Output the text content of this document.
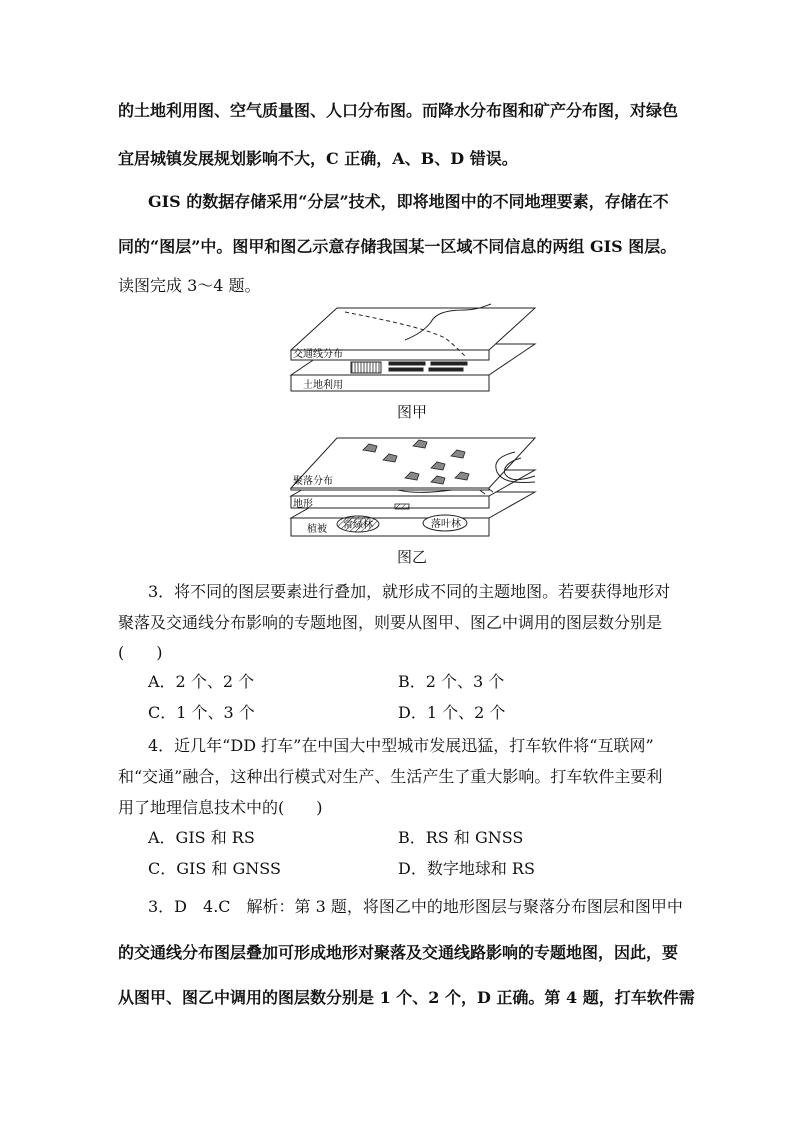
的土地利用图、空气质量图、人口分布图。而降水分布图和矿产分布图，对绿色
宜居城镇发展规划影响不大，C 正确，A、B、D 错误。
GIS 的数据存储采用“分层”技术，即将地图中的不同地理要素，存储在不
同的“图层”中。图甲和图乙示意存储我国某一区域不同信息的两组 GIS 图层。
读图完成 3～4 题。
交通线分布
土地利用
图甲
聚落分布
地形
植被 常绿林	落叶林
图乙
3．将不同的图层要素进行叠加，就形成不同的主题地图。若要获得地形对
聚落及交通线分布影响的专题地图，则要从图甲、图乙中调用的图层数分别是
(　　)
A．2 个、2 个	B．2 个、3 个
C．1 个、3 个	D．1 个、2 个
4．近几年“DD 打车”在中国大中型城市发展迅猛，打车软件将“互联网”
和“交通”融合，这种出行模式对生产、生活产生了重大影响。打车软件主要利
用了地理信息技术中的(　　)
A．GIS 和 RS	B．RS 和 GNSS
C．GIS 和 GNSS	D．数字地球和 RS
3．D　4.C　解析：第 3 题，将图乙中的地形图层与聚落分布图层和图甲中
的交通线分布图层叠加可形成地形对聚落及交通线路影响的专题地图，因此，要
从图甲、图乙中调用的图层数分别是 1 个、2 个，D 正确。第 4 题，打车软件需
